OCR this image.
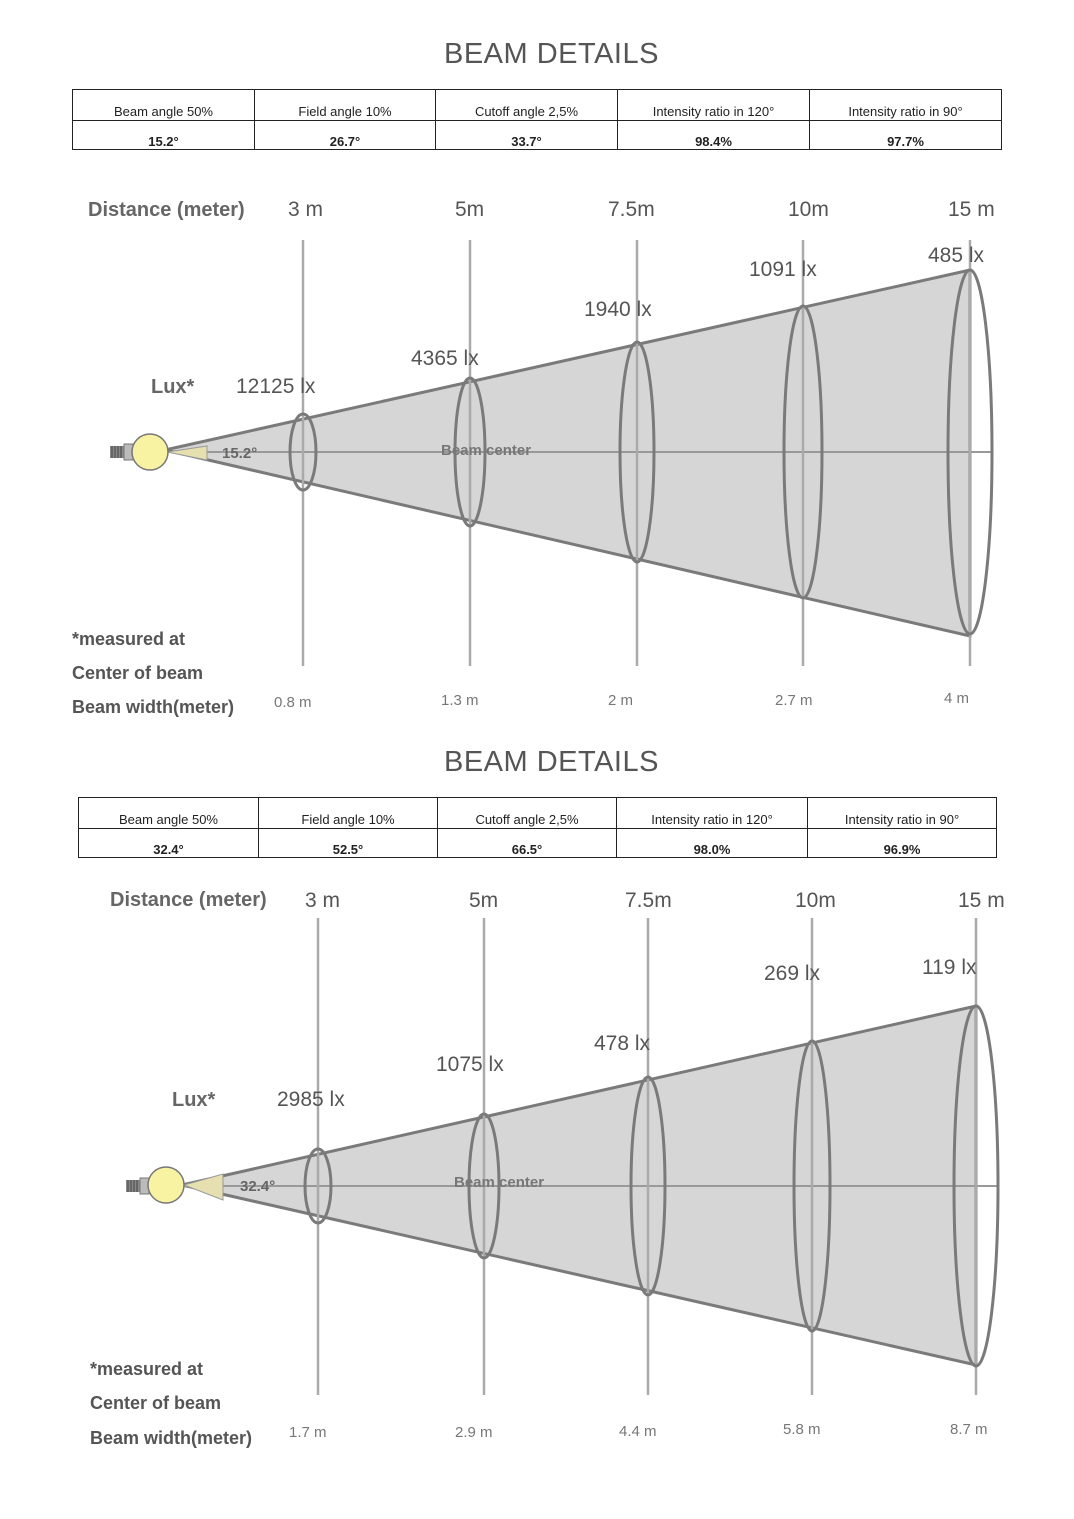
BEAM DETAILS
Beam angle 50%	Field angle 10%	Cutoff angle 2,5%	Intensity ratio in 120°	Intensity ratio in 90°
15.2°	26.7°	33.7°	98.4%	97.7%
Distance (meter) 3 m	5m	7.5m	10m	15 m
Lux* 12125 lx
4365 lx
1940 lx
1091 lx
485 lx
15.2°	Beam center
*measured at
Center of beam
Beam width(meter)	0.8 m	1.3 m	2 m	2.7 m	4 m
BEAM DETAILS
Beam angle 50%	Field angle 10%	Cutoff angle 2,5%	Intensity ratio in 120°	Intensity ratio in 90°
32.4°	52.5°	66.5°	98.0%	96.9%
Distance (meter) 3 m	5m	7.5m	10m	15 m
Lux*	2985 lx
1075 lx
478 lx
269 lx	119 lx
32.4°	Beam center
*measured at
Center of beam
Beam width(meter) 1.7 m	2.9 m	4.4 m	5.8 m	8.7 m
